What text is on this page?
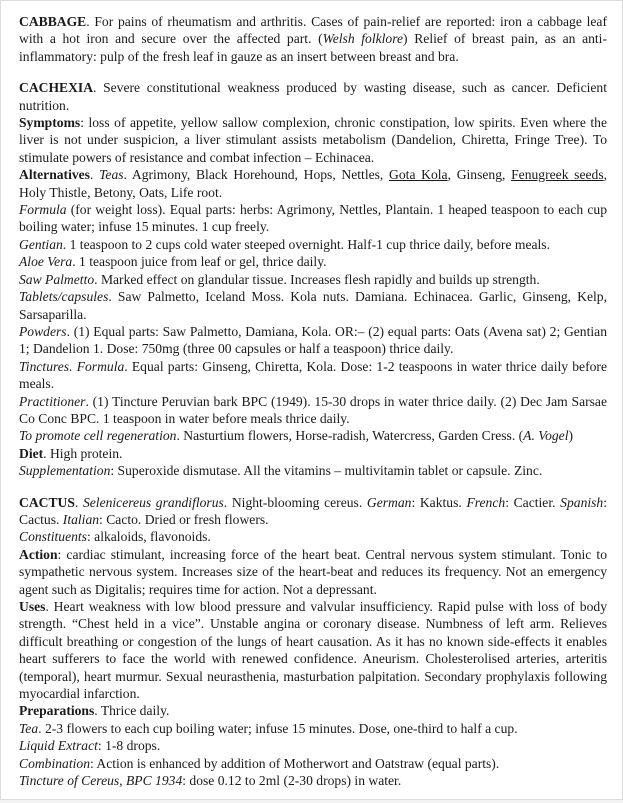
CABBAGE. For pains of rheumatism and arthritis. Cases of pain-relief are reported: iron a cabbage leaf with a hot iron and secure over the affected part. (Welsh folklore) Relief of breast pain, as an anti-inflammatory: pulp of the fresh leaf in gauze as an insert between breast and bra.

CACHEXIA. Severe constitutional weakness produced by wasting disease, such as cancer. Deficient nutrition.

Symptoms: loss of appetite, yellow sallow complexion, chronic constipation, low spirits. Even where the liver is not under suspicion, a liver stimulant assists metabolism (Dandelion, Chiretta, Fringe Tree). To stimulate powers of resistance and combat infection – Echinacea.

Alternatives. Teas. Agrimony, Black Horehound, Hops, Nettles, Gota Kola, Ginseng, Fenugreek seeds, Holy Thistle, Betony, Oats, Life root.

Formula (for weight loss). Equal parts: herbs: Agrimony, Nettles, Plantain. 1 heaped teaspoon to each cup boiling water; infuse 15 minutes. 1 cup freely.

Gentian. 1 teaspoon to 2 cups cold water steeped overnight. Half-1 cup thrice daily, before meals.

Aloe Vera. 1 teaspoon juice from leaf or gel, thrice daily.

Saw Palmetto. Marked effect on glandular tissue. Increases flesh rapidly and builds up strength.

Tablets/capsules. Saw Palmetto, Iceland Moss. Kola nuts. Damiana. Echinacea. Garlic, Ginseng, Kelp, Sarsaparilla.

Powders. (1) Equal parts: Saw Palmetto, Damiana, Kola. OR:– (2) equal parts: Oats (Avena sat) 2; Gentian 1; Dandelion 1. Dose: 750mg (three 00 capsules or half a teaspoon) thrice daily.

Tinctures. Formula. Equal parts: Ginseng, Chiretta, Kola. Dose: 1-2 teaspoons in water thrice daily before meals.

Practitioner. (1) Tincture Peruvian bark BPC (1949). 15-30 drops in water thrice daily. (2) Dec Jam Sarsae Co Conc BPC. 1 teaspoon in water before meals thrice daily.

To promote cell regeneration. Nasturtium flowers, Horse-radish, Watercress, Garden Cress. (A. Vogel)

Diet. High protein.

Supplementation: Superoxide dismutase. All the vitamins – multivitamin tablet or capsule. Zinc.

CACTUS. Selenicereus grandiflorus. Night-blooming cereus. German: Kaktus. French: Cactier. Spanish: Cactus. Italian: Cacto. Dried or fresh flowers.

Constituents: alkaloids, flavonoids.

Action: cardiac stimulant, increasing force of the heart beat. Central nervous system stimulant. Tonic to sympathetic nervous system. Increases size of the heart-beat and reduces its frequency. Not an emergency agent such as Digitalis; requires time for action. Not a depressant.

Uses. Heart weakness with low blood pressure and valvular insufficiency. Rapid pulse with loss of body strength. “Chest held in a vice”. Unstable angina or coronary disease. Numbness of left arm. Relieves difficult breathing or congestion of the lungs of heart causation. As it has no known side-effects it enables heart sufferers to face the world with renewed confidence. Aneurism. Cholesterolised arteries, arteritis (temporal), heart murmur. Sexual neurasthenia, masturbation palpitation. Secondary prophylaxis following myocardial infarction.

Preparations. Thrice daily.

Tea. 2-3 flowers to each cup boiling water; infuse 15 minutes. Dose, one-third to half a cup.

Liquid Extract: 1-8 drops.

Combination: Action is enhanced by addition of Motherwort and Oatstraw (equal parts).

Tincture of Cereus, BPC 1934: dose 0.12 to 2ml (2-30 drops) in water.
